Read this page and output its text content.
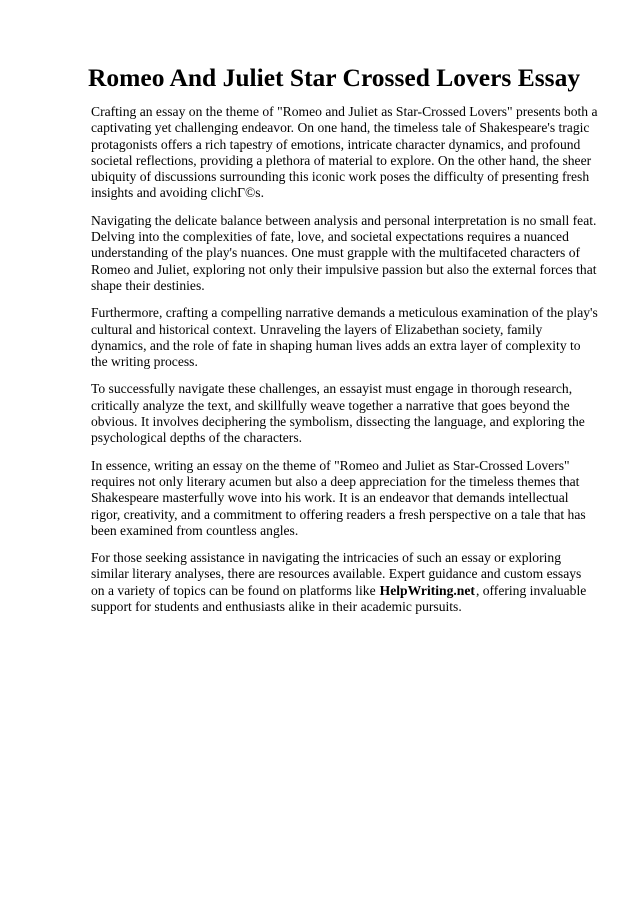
Romeo And Juliet Star Crossed Lovers Essay

Crafting an essay on the theme of "Romeo and Juliet as Star-Crossed Lovers" presents both a captivating yet challenging endeavor. On one hand, the timeless tale of Shakespeare's tragic protagonists offers a rich tapestry of emotions, intricate character dynamics, and profound societal reflections, providing a plethora of material to explore. On the other hand, the sheer ubiquity of discussions surrounding this iconic work poses the difficulty of presenting fresh insights and avoiding clichГ©s.

Navigating the delicate balance between analysis and personal interpretation is no small feat. Delving into the complexities of fate, love, and societal expectations requires a nuanced understanding of the play's nuances. One must grapple with the multifaceted characters of Romeo and Juliet, exploring not only their impulsive passion but also the external forces that shape their destinies.

Furthermore, crafting a compelling narrative demands a meticulous examination of the play's cultural and historical context. Unraveling the layers of Elizabethan society, family dynamics, and the role of fate in shaping human lives adds an extra layer of complexity to the writing process.

To successfully navigate these challenges, an essayist must engage in thorough research, critically analyze the text, and skillfully weave together a narrative that goes beyond the obvious. It involves deciphering the symbolism, dissecting the language, and exploring the psychological depths of the characters.

In essence, writing an essay on the theme of "Romeo and Juliet as Star-Crossed Lovers" requires not only literary acumen but also a deep appreciation for the timeless themes that Shakespeare masterfully wove into his work. It is an endeavor that demands intellectual rigor, creativity, and a commitment to offering readers a fresh perspective on a tale that has been examined from countless angles.

For those seeking assistance in navigating the intricacies of such an essay or exploring similar literary analyses, there are resources available. Expert guidance and custom essays on a variety of topics can be found on platforms like HelpWriting.net, offering invaluable support for students and enthusiasts alike in their academic pursuits.
